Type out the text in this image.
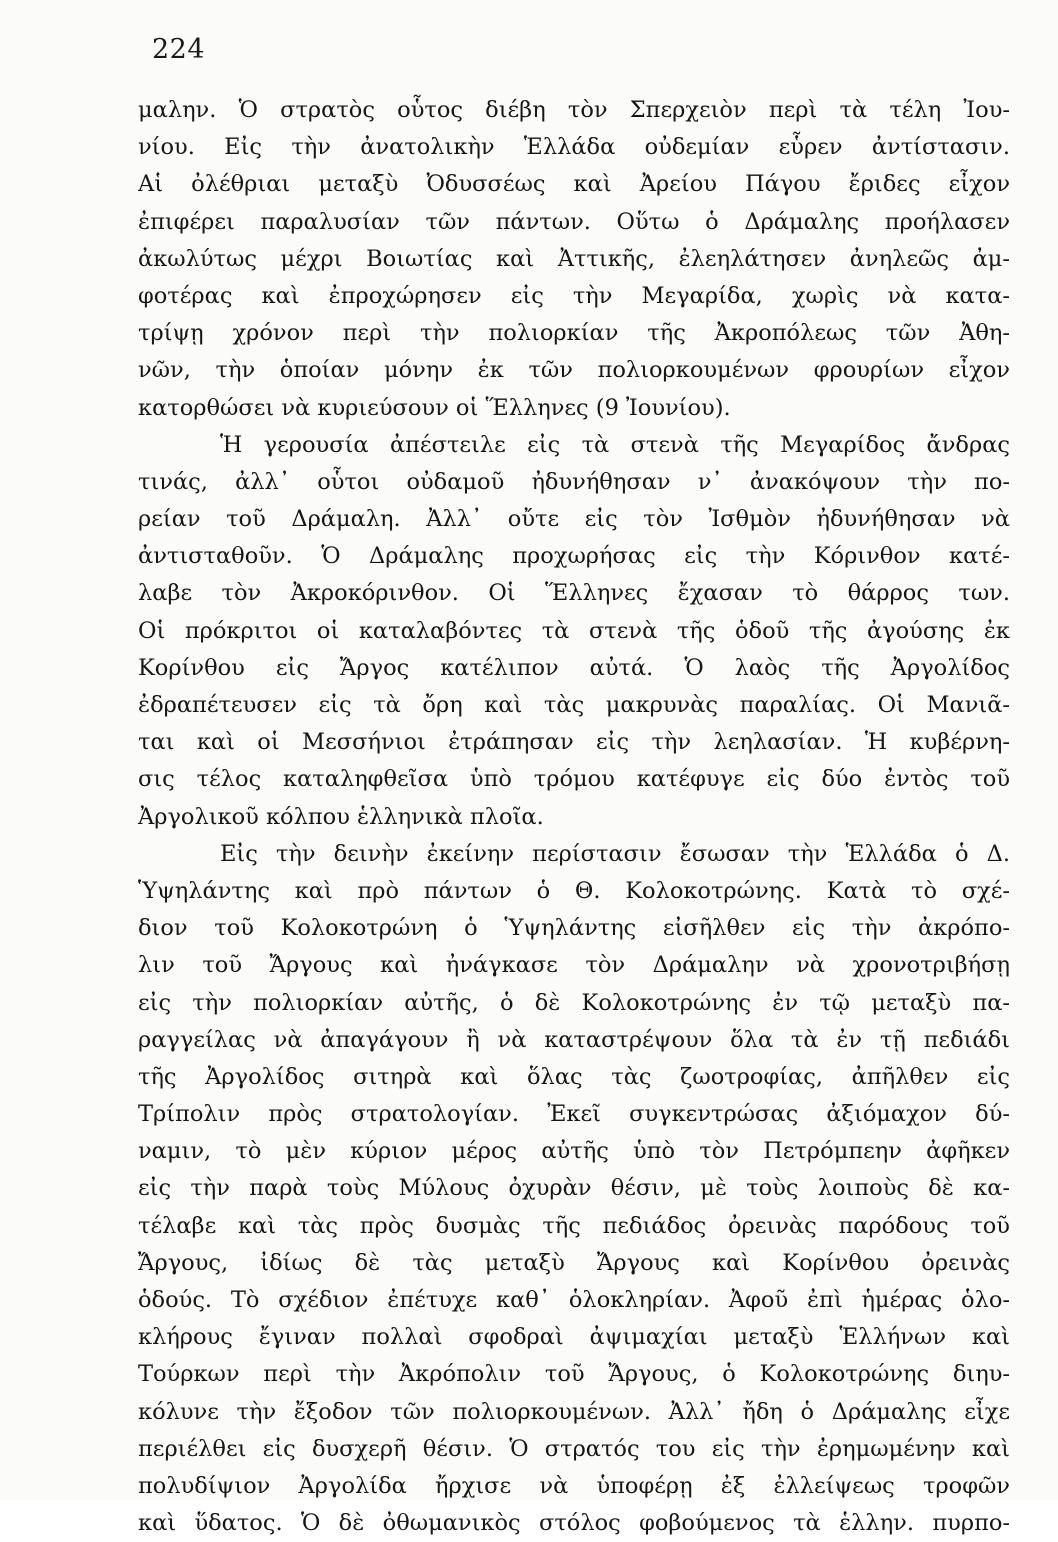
224
μαλην. Ὁ στρατὸς οὗτος διέβη τὸν Σπερχειὸν περὶ τὰ τέλη Ἰου-
νίου. Εἰς τὴν ἀνατολικὴν Ἑλλάδα οὐδεμίαν εὗρεν ἀντίστασιν.
Αἱ ὀλέθριαι μεταξὺ Ὀδυσσέως καὶ Ἀρείου Πάγου ἔριδες εἶχον
ἐπιφέρει παραλυσίαν τῶν πάντων. Οὕτω ὁ Δράμαλης προήλασεν
ἀκωλύτως μέχρι Βοιωτίας καὶ Ἀττικῆς, ἐλεηλάτησεν ἀνηλεῶς ἀμ-
φοτέρας καὶ ἐπροχώρησεν εἰς τὴν Μεγαρίδα, χωρὶς νὰ κατα-
τρίψῃ χρόνον περὶ τὴν πολιορκίαν τῆς Ἀκροπόλεως τῶν Ἀθη-
νῶν, τὴν ὁποίαν μόνην ἐκ τῶν πολιορκουμένων φρουρίων εἶχον
κατορθώσει νὰ κυριεύσουν οἱ Ἕλληνες (9 Ἰουνίου).
Ἡ γερουσία ἀπέστειλε εἰς τὰ στενὰ τῆς Μεγαρίδος ἄνδρας
τινάς, ἀλλ᾽ οὗτοι οὐδαμοῦ ἠδυνήθησαν ν᾽ ἀνακόψουν τὴν πο-
ρείαν τοῦ Δράμαλη. Ἀλλ᾽ οὔτε εἰς τὸν Ἰσθμὸν ἠδυνήθησαν νὰ
ἀντισταθοῦν. Ὁ Δράμαλης προχωρήσας εἰς τὴν Κόρινθον κατέ-
λαβε τὸν Ἀκροκόρινθον. Οἱ Ἕλληνες ἔχασαν τὸ θάρρος των.
Οἱ πρόκριτοι οἱ καταλαβόντες τὰ στενὰ τῆς ὁδοῦ τῆς ἀγούσης ἐκ
Κορίνθου εἰς Ἄργος κατέλιπον αὐτά. Ὁ λαὸς τῆς Ἀργολίδος
ἐδραπέτευσεν εἰς τὰ ὄρη καὶ τὰς μακρυνὰς παραλίας. Οἱ Μανιᾶ-
ται καὶ οἱ Μεσσήνιοι ἐτράπησαν εἰς τὴν λεηλασίαν. Ἡ κυβέρνη-
σις τέλος καταληφθεῖσα ὑπὸ τρόμου κατέφυγε εἰς δύο ἐντὸς τοῦ
Ἀργολικοῦ κόλπου ἑλληνικὰ πλοῖα.
Εἰς τὴν δεινὴν ἐκείνην περίστασιν ἔσωσαν τὴν Ἑλλάδα ὁ Δ.
Ὑψηλάντης καὶ πρὸ πάντων ὁ Θ. Κολοκοτρώνης. Κατὰ τὸ σχέ-
διον τοῦ Κολοκοτρώνη ὁ Ὑψηλάντης εἰσῆλθεν εἰς τὴν ἀκρόπο-
λιν τοῦ Ἄργους καὶ ἠνάγκασε τὸν Δράμαλην νὰ χρονοτριβήσῃ
εἰς τὴν πολιορκίαν αὐτῆς, ὁ δὲ Κολοκοτρώνης ἐν τῷ μεταξὺ πα-
ραγγείλας νὰ ἀπαγάγουν ἢ νὰ καταστρέψουν ὅλα τὰ ἐν τῇ πεδιάδι
τῆς Ἀργολίδος σιτηρὰ καὶ ὅλας τὰς ζωοτροφίας, ἀπῆλθεν εἰς
Τρίπολιν πρὸς στρατολογίαν. Ἐκεῖ συγκεντρώσας ἀξιόμαχον δύ-
ναμιν, τὸ μὲν κύριον μέρος αὐτῆς ὑπὸ τὸν Πετρόμπεην ἀφῆκεν
εἰς τὴν παρὰ τοὺς Μύλους ὀχυρὰν θέσιν, μὲ τοὺς λοιποὺς δὲ κα-
τέλαβε καὶ τὰς πρὸς δυσμὰς τῆς πεδιάδος ὀρεινὰς παρόδους τοῦ
Ἄργους, ἰδίως δὲ τὰς μεταξὺ Ἄργους καὶ Κορίνθου ὀρεινὰς
ὁδούς. Τὸ σχέδιον ἐπέτυχε καθ᾽ ὁλοκληρίαν. Ἀφοῦ ἐπὶ ἡμέρας ὁλο-
κλήρους ἔγιναν πολλαὶ σφοδραὶ ἀψιμαχίαι μεταξὺ Ἑλλήνων καὶ
Τούρκων περὶ τὴν Ἀκρόπολιν τοῦ Ἄργους, ὁ Κολοκοτρώνης διηυ-
κόλυνε τὴν ἔξοδον τῶν πολιορκουμένων. Ἀλλ᾽ ἤδη ὁ Δράμαλης εἶχε
περιέλθει εἰς δυσχερῆ θέσιν. Ὁ στρατός του εἰς τὴν ἐρημωμένην καὶ
πολυδίψιον Ἀργολίδα ἤρχισε νὰ ὑποφέρῃ ἐξ ἐλλείψεως τροφῶν
καὶ ὕδατος. Ὁ δὲ ὀθωμανικὸς στόλος φοβούμενος τὰ ἑλλην. πυρπο-
